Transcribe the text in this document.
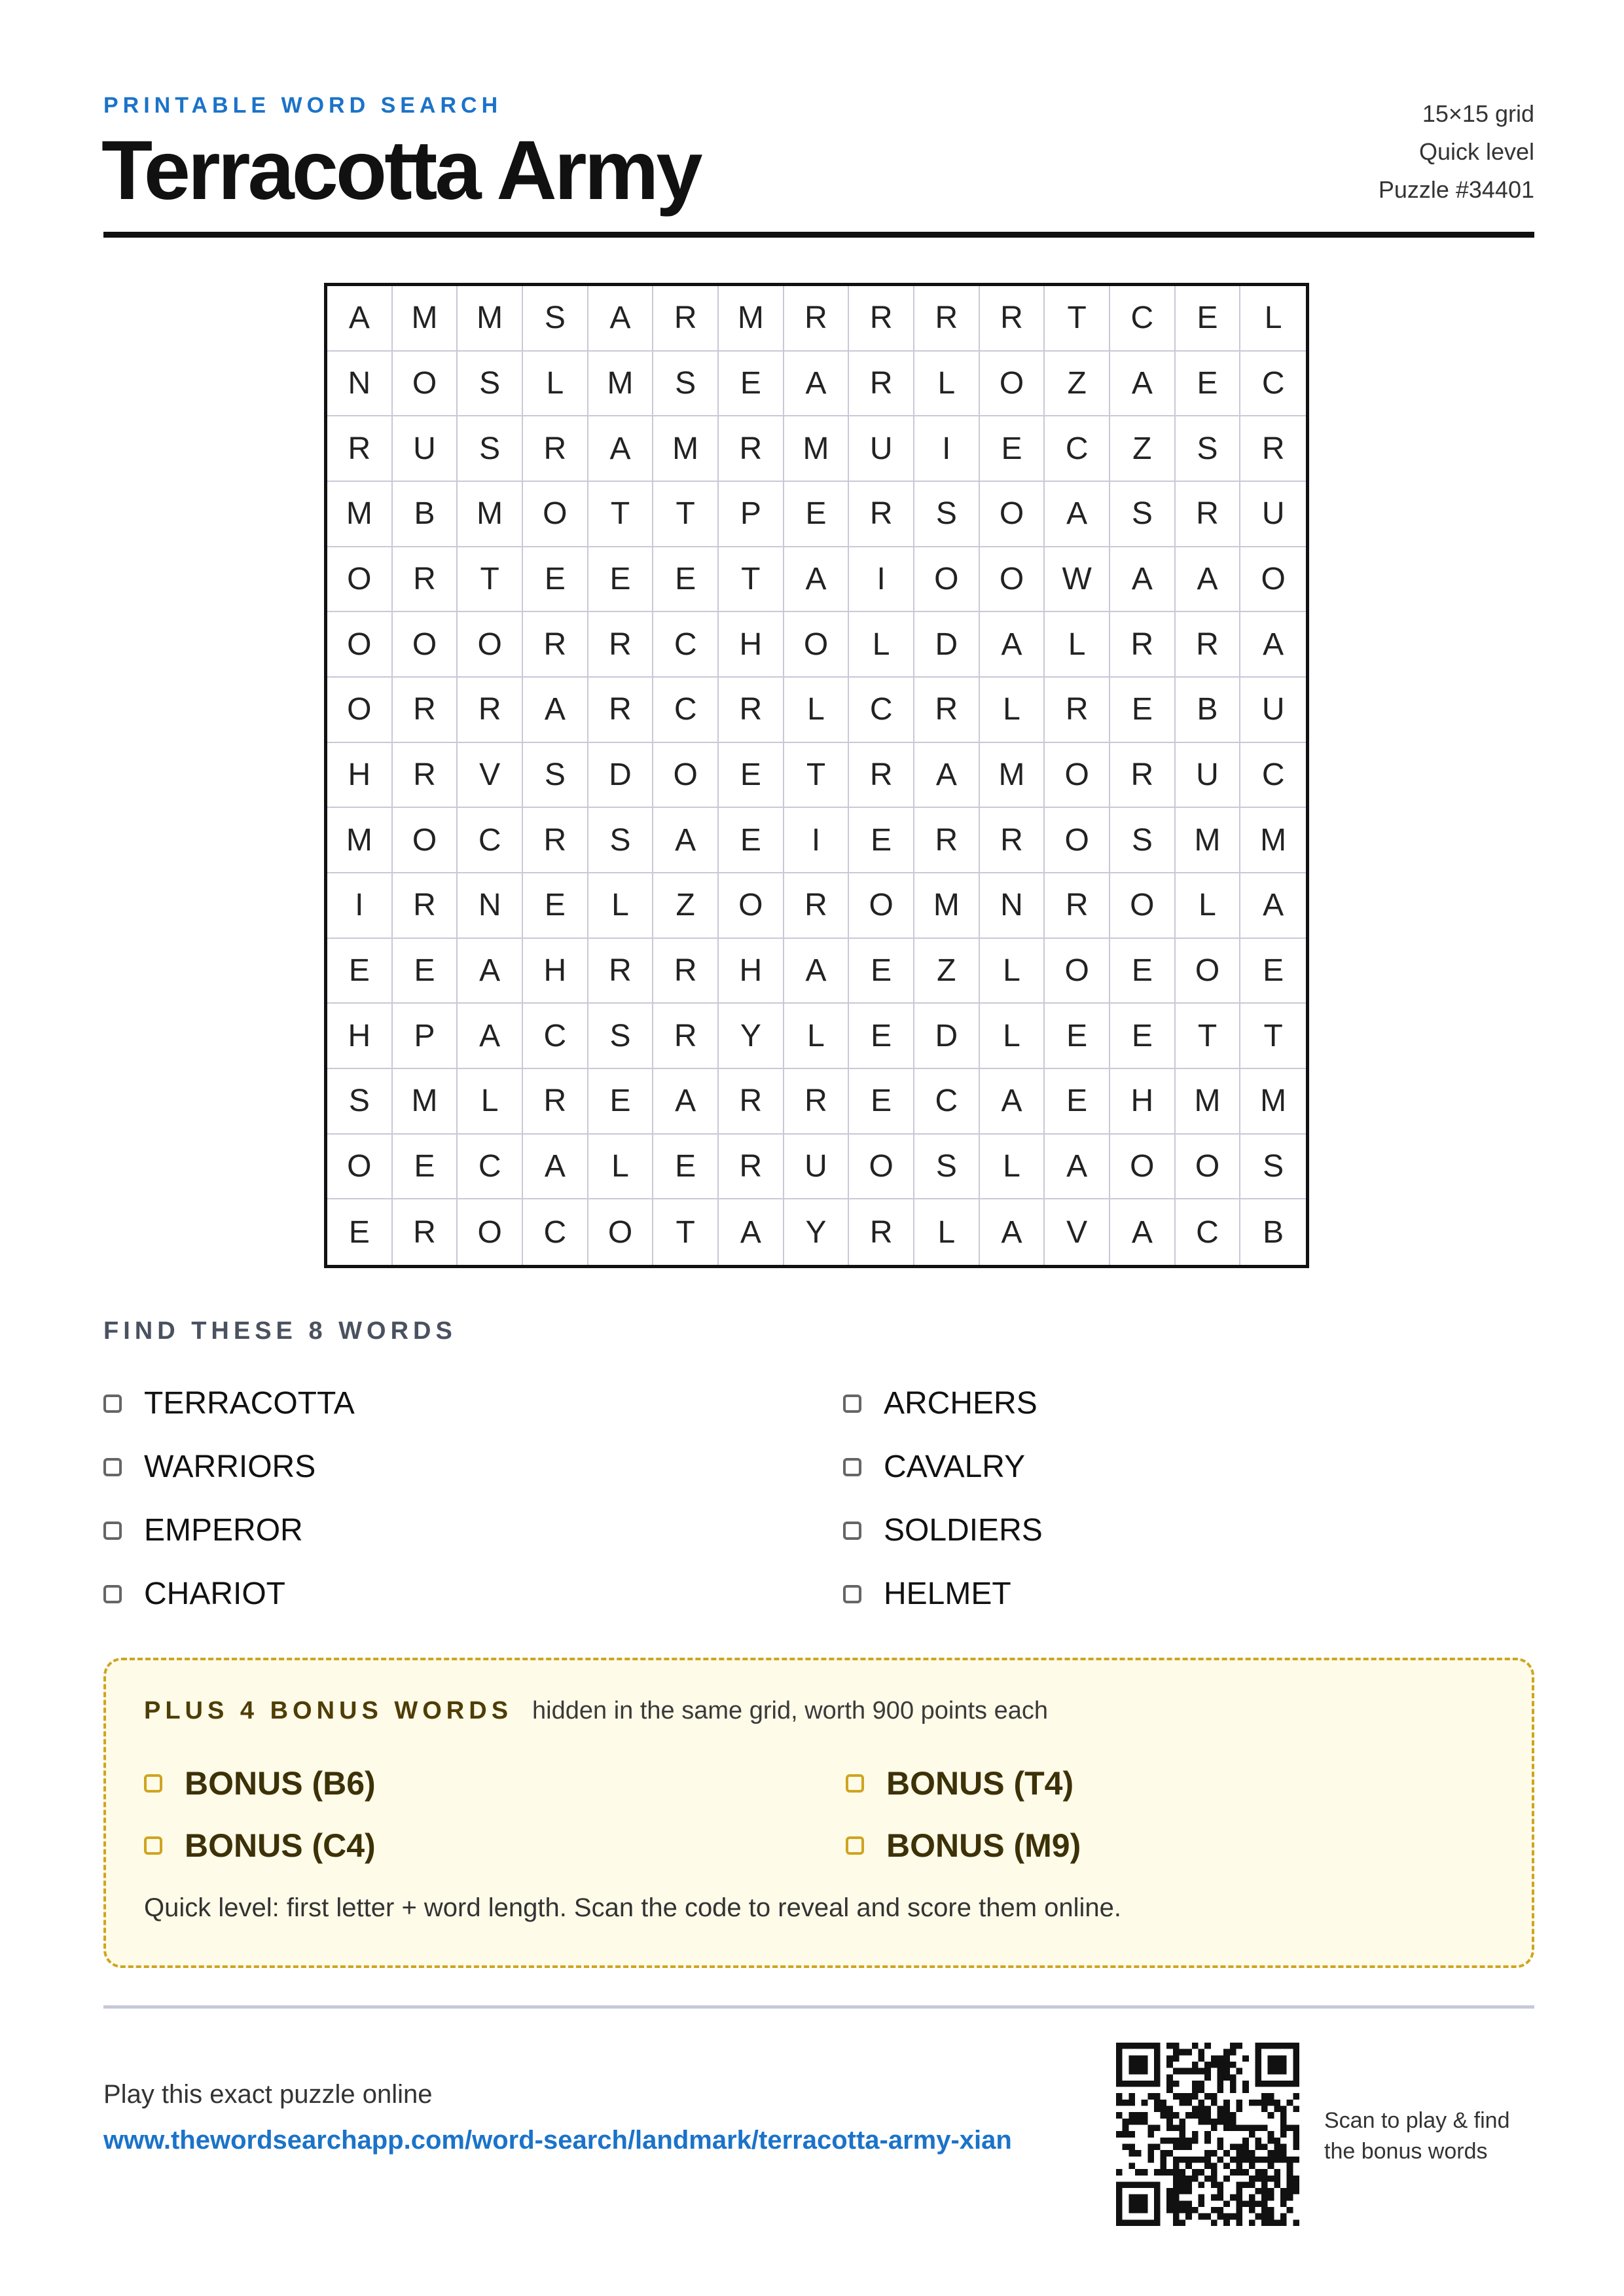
PRINTABLE WORD SEARCH
Terracotta Army
15×15 grid
Quick level
Puzzle #34401
A	M	M	S	A	R	M	R	R	R	R	T	C	E	L
N	O	S	L	M	S	E	A	R	L	O	Z	A	E	C
R	U	S	R	A	M	R	M	U	I	E	C	Z	S	R
M	B	M	O	T	T	P	E	R	S	O	A	S	R	U
O	R	T	E	E	E	T	A	I	O	O	W	A	A	O
O	O	O	R	R	C	H	O	L	D	A	L	R	R	A
O	R	R	A	R	C	R	L	C	R	L	R	E	B	U
H	R	V	S	D	O	E	T	R	A	M	O	R	U	C
M	O	C	R	S	A	E	I	E	R	R	O	S	M	M
I	R	N	E	L	Z	O	R	O	M	N	R	O	L	A
E	E	A	H	R	R	H	A	E	Z	L	O	E	O	E
H	P	A	C	S	R	Y	L	E	D	L	E	E	T	T
S	M	L	R	E	A	R	R	E	C	A	E	H	M	M
O	E	C	A	L	E	R	U	O	S	L	A	O	O	S
E	R	O	C	O	T	A	Y	R	L	A	V	A	C	B
FIND THESE 8 WORDS
TERRACOTTA	ARCHERS
WARRIORS	CAVALRY
EMPEROR	SOLDIERS
CHARIOT	HELMET
PLUS 4 BONUS WORDS hidden in the same grid, worth 900 points each
BONUS (B6)	BONUS (T4)
BONUS (C4)	BONUS (M9)
Quick level: first letter + word length. Scan the code to reveal and score them online.
Play this exact puzzle online
www.thewordsearchapp.com/word-search/landmark/terracotta-army-xian
Scan to play & find the bonus words
